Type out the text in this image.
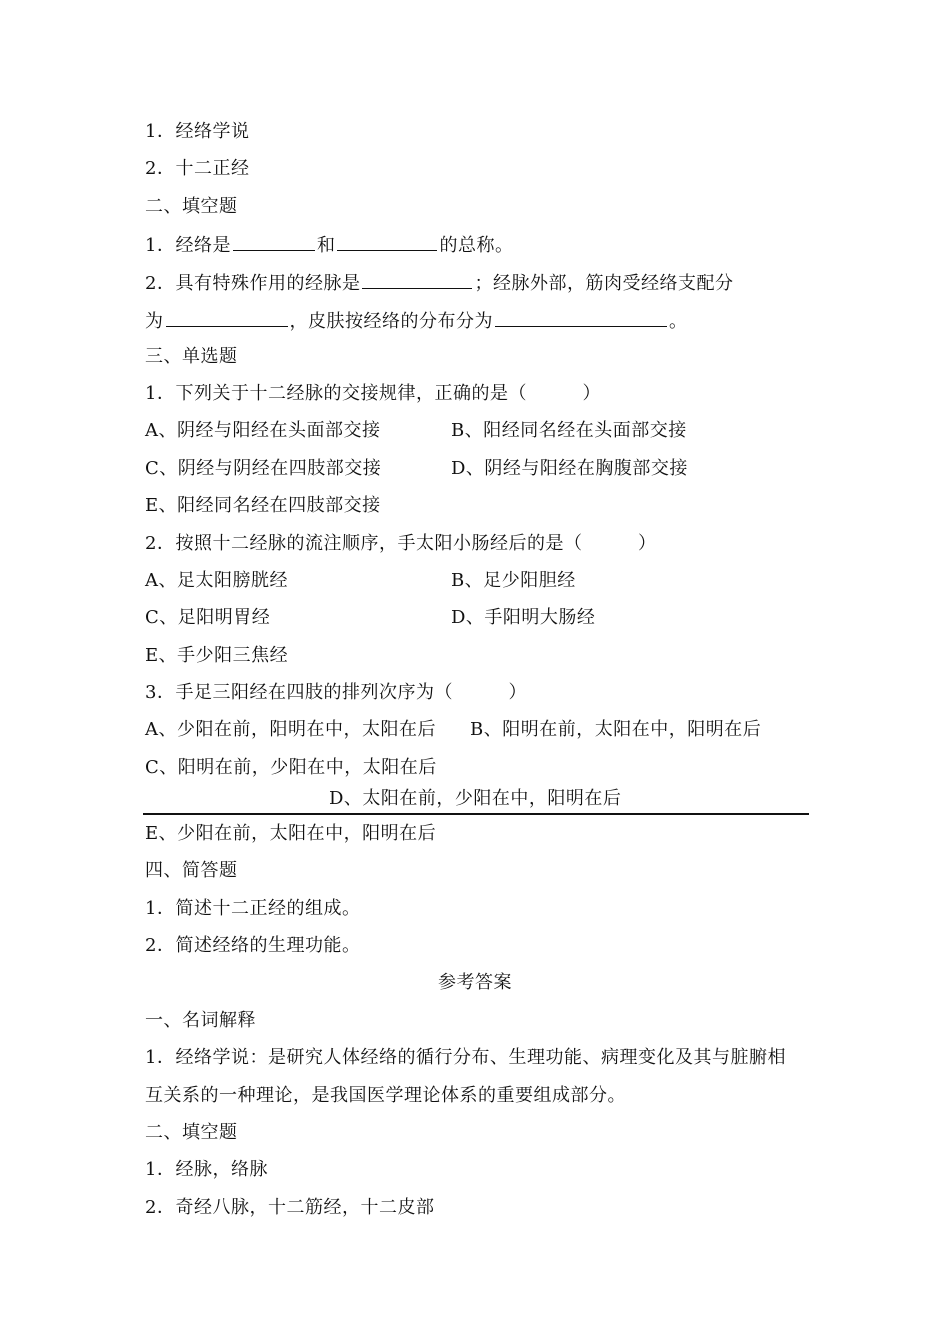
1．经络学说
2．十二正经
二、填空题
1．经络是	和	的总称。
2．具有特殊作用的经脉是	；经脉外部，筋肉受经络支配分
为	，皮肤按经络的分布分为	。
三、单选题
1．下列关于十二经脉的交接规律，正确的是（　　　）
A、阴经与阳经在头面部交接	B、阳经同名经在头面部交接
C、阴经与阴经在四肢部交接	D、阴经与阳经在胸腹部交接
E、阳经同名经在四肢部交接
2．按照十二经脉的流注顺序，手太阳小肠经后的是（　　　）
A、足太阳膀胱经	B、足少阳胆经
C、足阳明胃经	D、手阳明大肠经
E、手少阳三焦经
3．手足三阳经在四肢的排列次序为（　　　）
A、少阳在前，阳明在中，太阳在后 B、阳明在前，太阳在中，阳明在后
C、阳明在前，少阳在中，太阳在后
D、太阳在前，少阳在中，阳明在后
E、少阳在前，太阳在中，阳明在后
四、简答题
1．简述十二正经的组成。
2．简述经络的生理功能。
参考答案
一、名词解释
1．经络学说：是研究人体经络的循行分布、生理功能、病理变化及其与脏腑相
互关系的一种理论，是我国医学理论体系的重要组成部分。
二、填空题
1．经脉，络脉
2．奇经八脉，十二筋经，十二皮部
